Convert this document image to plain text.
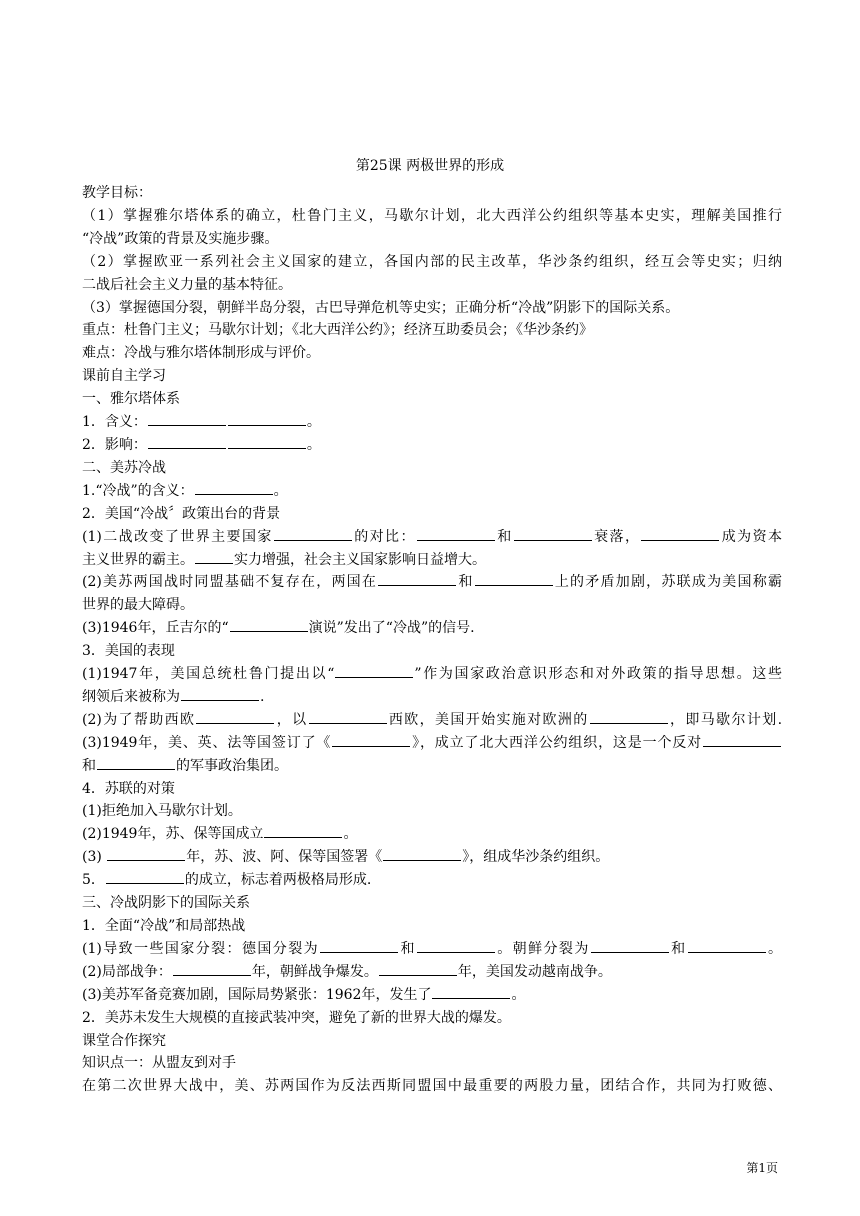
第25课 两极世界的形成
教学目标：
（1）掌握雅尔塔体系的确立，杜鲁门主义，马歇尔计划，北大西洋公约组织等基本史实，理解美国推行
“冷战”政策的背景及实施步骤。
（2）掌握欧亚一系列社会主义国家的建立，各国内部的民主改革，华沙条约组织，经互会等史实；归纳
二战后社会主义力量的基本特征。
（3）掌握德国分裂，朝鲜半岛分裂，古巴导弹危机等史实；正确分析“冷战”阴影下的国际关系。
重点：杜鲁门主义；马歇尔计划；《北大西洋公约》；经济互助委员会；《华沙条约》
难点：冷战与雅尔塔体制形成与评价。
课前自主学习
一、雅尔塔体系
1．含义：	。
2．影响：	。
二、美苏冷战
1.“冷战”的含义：	。
2．美国“冷战〞政策出台的背景
(1)二战改变了世界主要国家	的对比：	和	衰落，	成为资本
主义世界的霸主。	实力增强，社会主义国家影响日益增大。
(2)美苏两国战时同盟基础不复存在，两国在	和	上的矛盾加剧，苏联成为美国称霸
世界的最大障碍。
(3)1946年，丘吉尔的“	演说”发出了“冷战”的信号.
3．美国的表现
(1)1947年，美国总统杜鲁门提出以“	”作为国家政治意识形态和对外政策的指导思想。这些
纲领后来被称为	.
(2)为了帮助西欧	，以	西欧，美国开始实施对欧洲的	，即马歇尔计划.
(3)1949年，美、英、法等国签订了《	》，成立了北大西洋公约组织，这是一个反对
和	的军事政治集团。
4．苏联的对策
(1)拒绝加入马歇尔计划。
(2)1949年，苏、保等国成立	。
(3)	年，苏、波、阿、保等国签署《	》，组成华沙条约组织。
5．	的成立，标志着两极格局形成.
三、冷战阴影下的国际关系
1．全面“冷战”和局部热战
(1)导致一些国家分裂：德国分裂为	和	。朝鲜分裂为	和	。
(2)局部战争：	年，朝鲜战争爆发。	年，美国发动越南战争。
(3)美苏军备竞赛加剧，国际局势紧张：1962年，发生了	。
2．美苏未发生大规模的直接武装冲突，避免了新的世界大战的爆发。
课堂合作探究
知识点一：从盟友到对手
在第二次世界大战中，美、苏两国作为反法西斯同盟国中最重要的两股力量，团结合作，共同为打败德、
第1页
